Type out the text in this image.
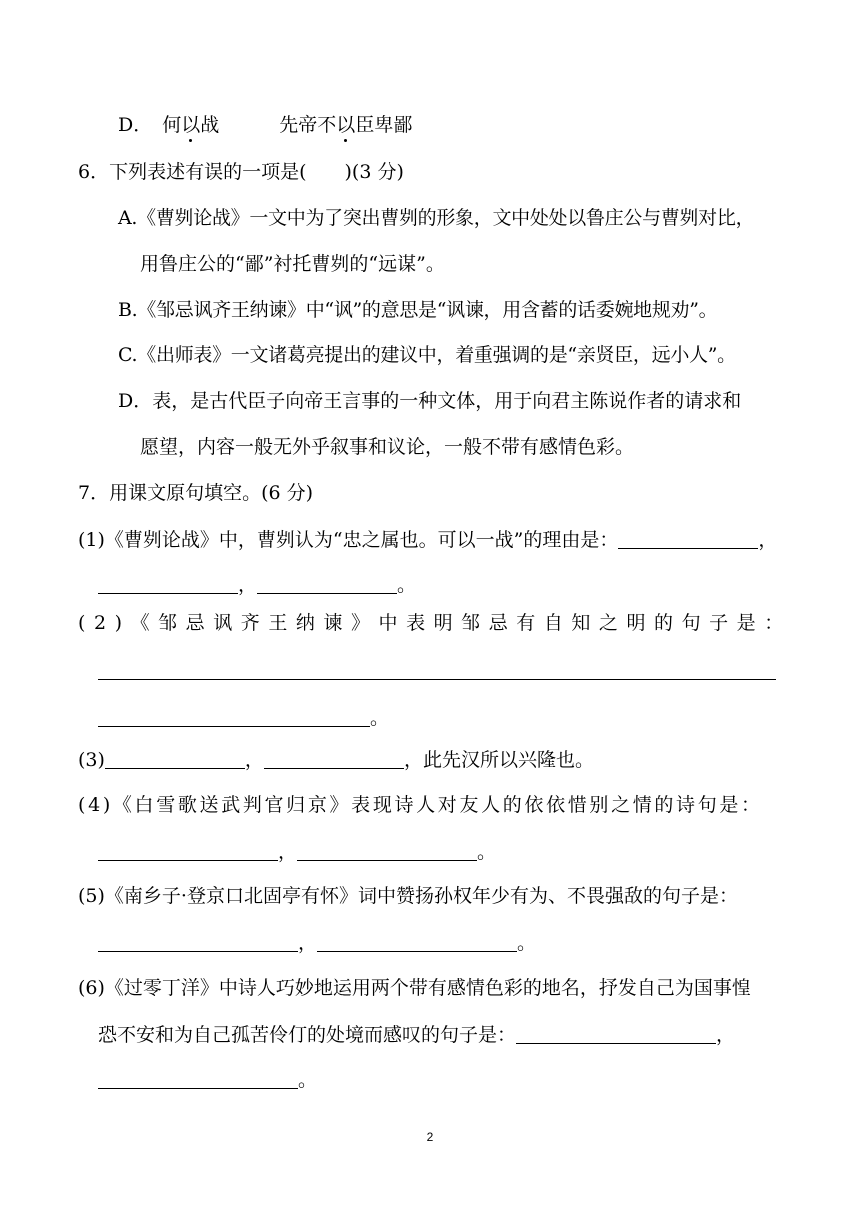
D． 何以战	先帝不以臣卑鄙
6．下列表述有误的一项是(　　)(3 分)
A.《曹刿论战》一文中为了突出曹刿的形象，文中处处以鲁庄公与曹刿对比，
用鲁庄公的“鄙”衬托曹刿的“远谋”。
B.《邹忌讽齐王纳谏》中“讽”的意思是“讽谏，用含蓄的话委婉地规劝”。
C.《出师表》一文诸葛亮提出的建议中，着重强调的是“亲贤臣，远小人”。
D．表，是古代臣子向帝王言事的一种文体，用于向君主陈说作者的请求和
愿望，内容一般无外乎叙事和议论，一般不带有感情色彩。
7．用课文原句填空。(6 分)
(1)《曹刿论战》中，曹刿认为“忠之属也。可以一战”的理由是：	，
，	。
(2)《邹忌讽齐王纳谏》中表明邹忌有自知之明的句子是：
。
(3)	，	，此先汉所以兴隆也。
(4)《白雪歌送武判官归京》表现诗人对友人的依依惜别之情的诗句是：
，	。
(5)《南乡子·登京口北固亭有怀》词中赞扬孙权年少有为、不畏强敌的句子是：
，	。
(6)《过零丁洋》中诗人巧妙地运用两个带有感情色彩的地名，抒发自己为国事惶
恐不安和为自己孤苦伶仃的处境而感叹的句子是：	，
。
2
